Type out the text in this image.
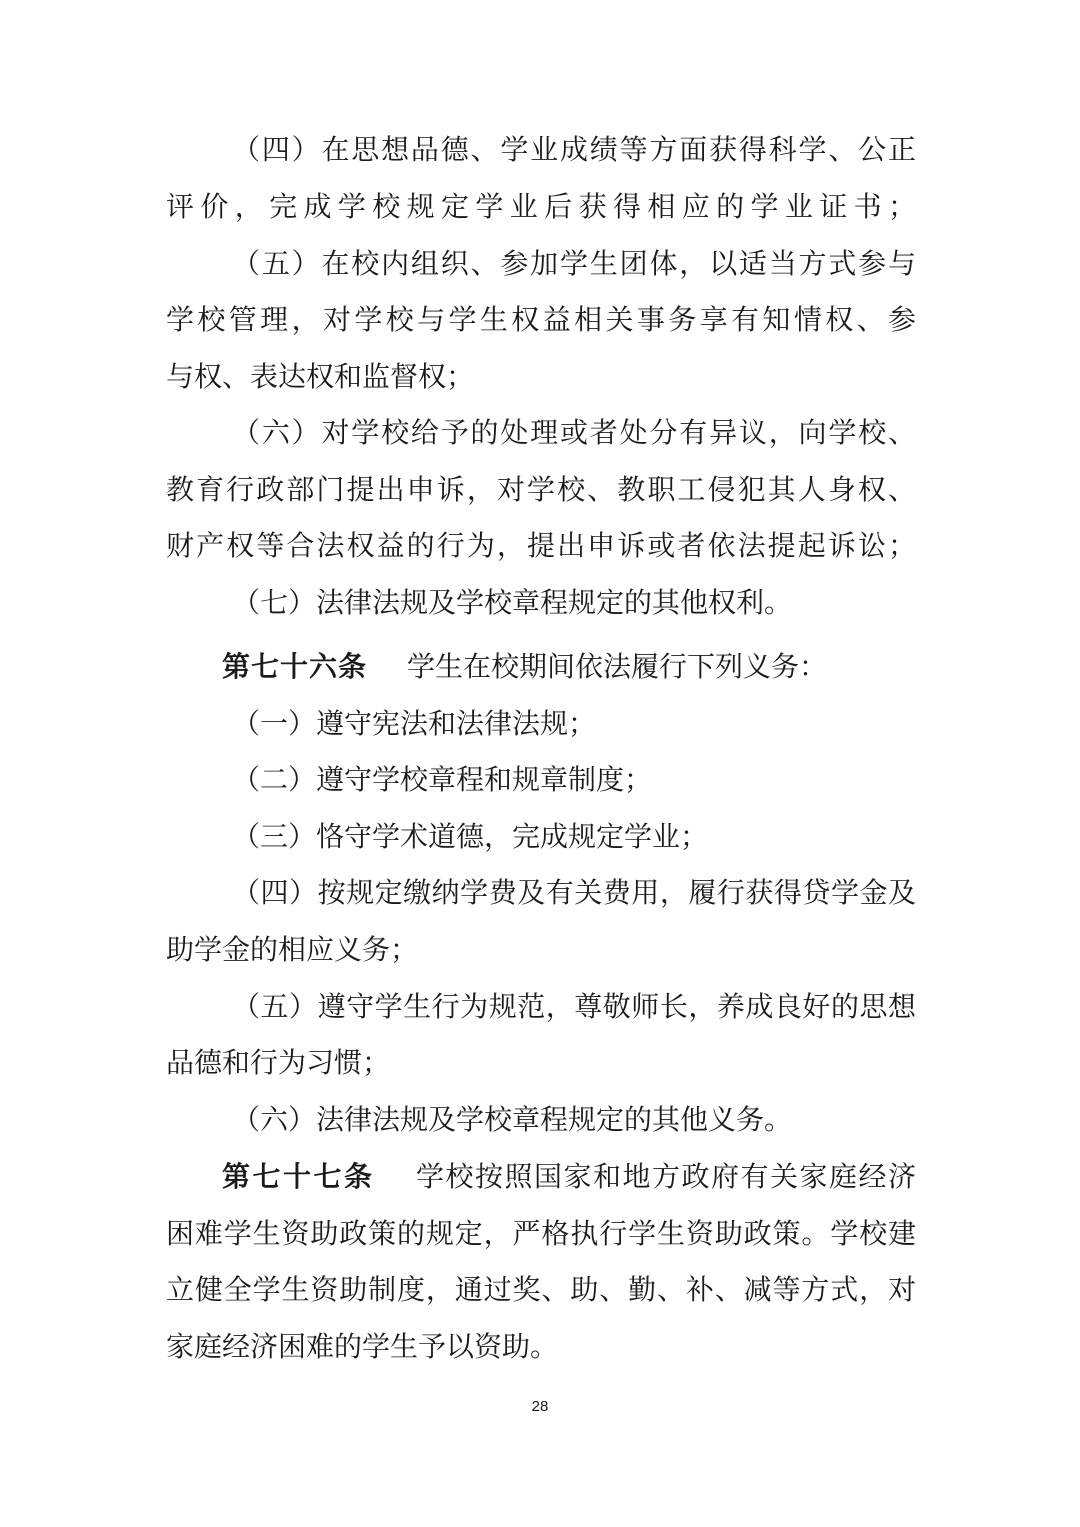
（四）在思想品德、学业成绩等方面获得科学、公正
评价，完成学校规定学业后获得相应的学业证书；
（五）在校内组织、参加学生团体，以适当方式参与
学校管理，对学校与学生权益相关事务享有知情权、参
与权、表达权和监督权；
（六）对学校给予的处理或者处分有异议，向学校、
教育行政部门提出申诉，对学校、教职工侵犯其人身权、
财产权等合法权益的行为，提出申诉或者依法提起诉讼；
（七）法律法规及学校章程规定的其他权利。
第七十六条 学生在校期间依法履行下列义务：
（一）遵守宪法和法律法规；
（二）遵守学校章程和规章制度；
（三）恪守学术道德，完成规定学业；
（四）按规定缴纳学费及有关费用，履行获得贷学金及
助学金的相应义务；
（五）遵守学生行为规范，尊敬师长，养成良好的思想
品德和行为习惯；
（六）法律法规及学校章程规定的其他义务。
第七十七条 学校按照国家和地方政府有关家庭经济
困难学生资助政策的规定，严格执行学生资助政策。学校建
立健全学生资助制度，通过奖、助、勤、补、减等方式，对
家庭经济困难的学生予以资助。
28
